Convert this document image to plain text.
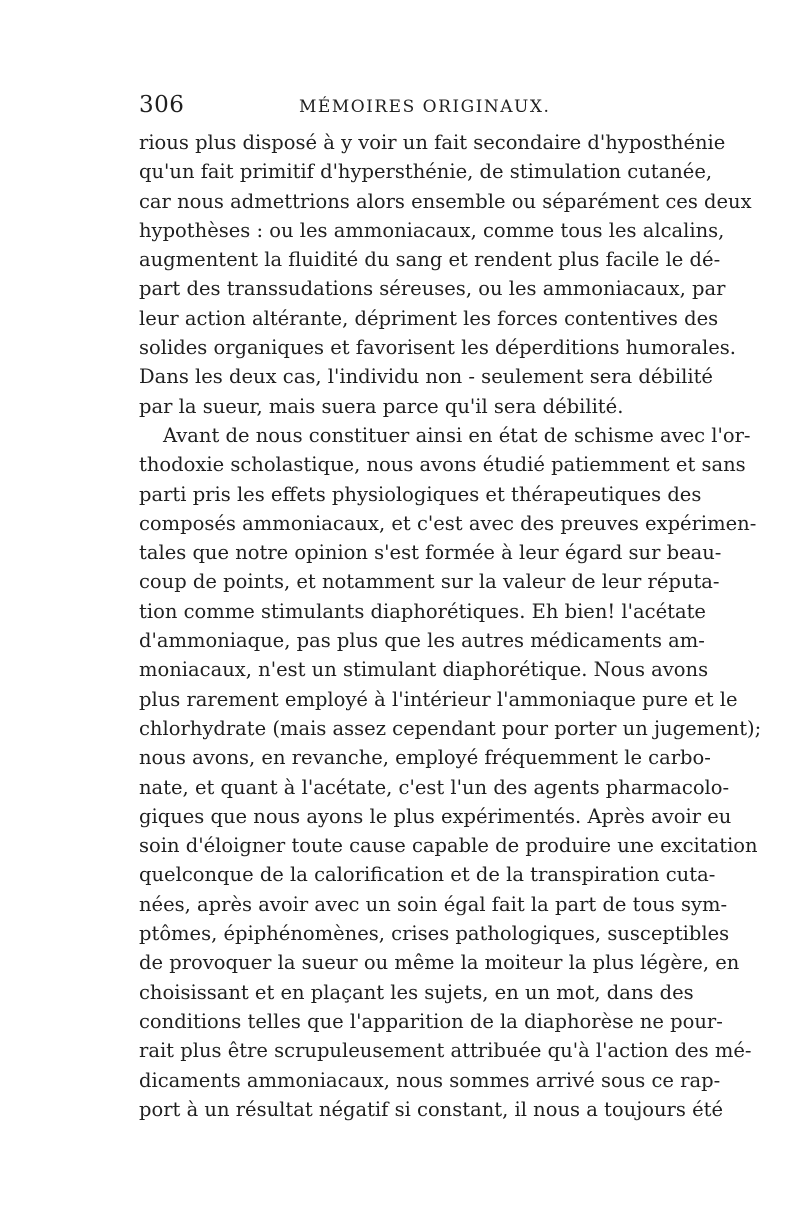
306	MÉMOIRES ORIGINAUX.
rious plus disposé à y voir un fait secondaire d'hyposthénie
qu'un fait primitif d'hypersthénie, de stimulation cutanée,
car nous admettrions alors ensemble ou séparément ces deux
hypothèses : ou les ammoniacaux, comme tous les alcalins,
augmentent la fluidité du sang et rendent plus facile le dé-
part des transsudations séreuses, ou les ammoniacaux, par
leur action altérante, dépriment les forces contentives des
solides organiques et favorisent les déperditions humorales.
Dans les deux cas, l'individu non - seulement sera débilité
par la sueur, mais suera parce qu'il sera débilité.
Avant de nous constituer ainsi en état de schisme avec l'or-
thodoxie scholastique, nous avons étudié patiemment et sans
parti pris les effets physiologiques et thérapeutiques des
composés ammoniacaux, et c'est avec des preuves expérimen-
tales que notre opinion s'est formée à leur égard sur beau-
coup de points, et notamment sur la valeur de leur réputa-
tion comme stimulants diaphorétiques. Eh bien! l'acétate
d'ammoniaque, pas plus que les autres médicaments am-
moniacaux, n'est un stimulant diaphorétique. Nous avons
plus rarement employé à l'intérieur l'ammoniaque pure et le
chlorhydrate (mais assez cependant pour porter un jugement);
nous avons, en revanche, employé fréquemment le carbo-
nate, et quant à l'acétate, c'est l'un des agents pharmacolo-
giques que nous ayons le plus expérimentés. Après avoir eu
soin d'éloigner toute cause capable de produire une excitation
quelconque de la calorification et de la transpiration cuta-
nées, après avoir avec un soin égal fait la part de tous sym-
ptômes, épiphénomènes, crises pathologiques, susceptibles
de provoquer la sueur ou même la moiteur la plus légère, en
choisissant et en plaçant les sujets, en un mot, dans des
conditions telles que l'apparition de la diaphorèse ne pour-
rait plus être scrupuleusement attribuée qu'à l'action des mé-
dicaments ammoniacaux, nous sommes arrivé sous ce rap-
port à un résultat négatif si constant, il nous a toujours été
